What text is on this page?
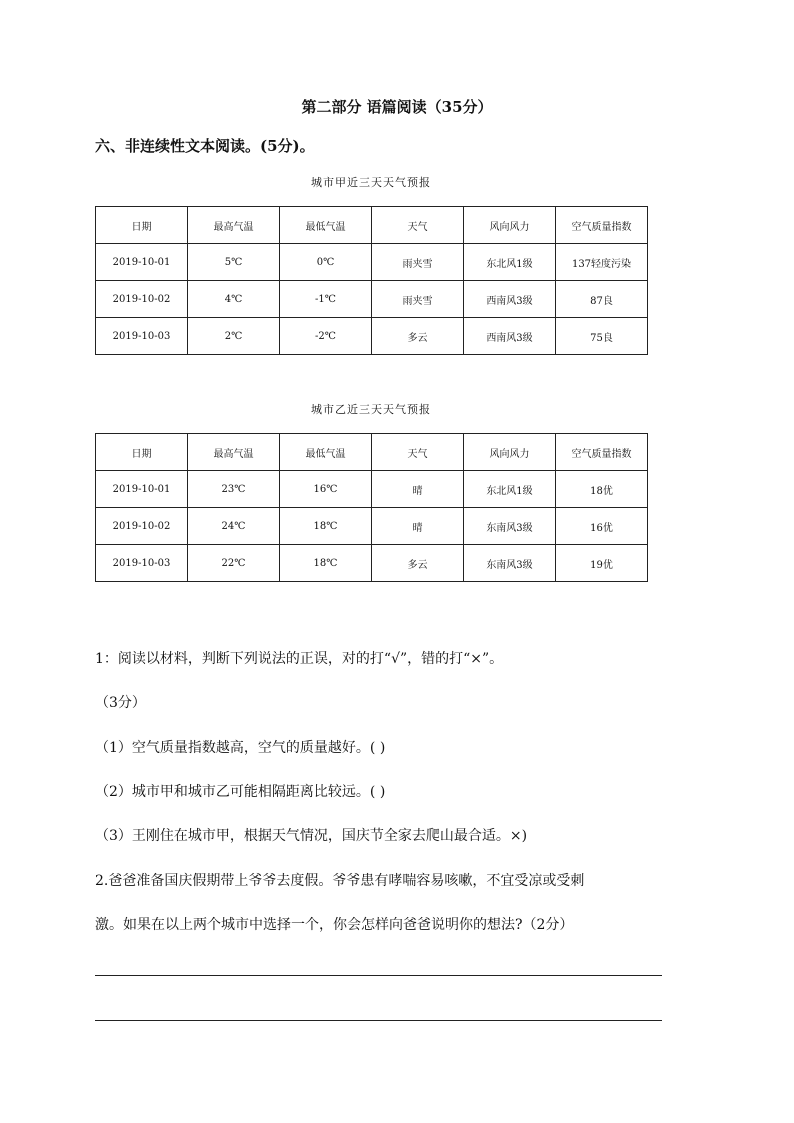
第二部分 语篇阅读（35分）
六、非连续性文本阅读。(5分)。
城市甲近三天天气预报
日期	最高气温	最低气温	天气	风向风力	空气质量指数
2019-10-01	5℃	0℃	雨夹雪	东北风1级	137轻度污染
2019-10-02	4℃	-1℃	雨夹雪	西南风3级	87良
2019-10-03	2℃	-2℃	多云	西南风3级	75良
城市乙近三天天气预报
日期	最高气温	最低气温	天气	风向风力	空气质量指数
2019-10-01	23℃	16℃	晴	东北风1级	18优
2019-10-02	24℃	18℃	晴	东南风3级	16优
2019-10-03	22℃	18℃	多云	东南风3级	19优
1：阅读以材料，判断下列说法的正误，对的打“√”，错的打“×”。
（3分）
（1）空气质量指数越高，空气的质量越好。( )
（2）城市甲和城市乙可能相隔距离比较远。( )
（3）王刚住在城市甲，根据天气情况，国庆节全家去爬山最合适。×)
2.爸爸准备国庆假期带上爷爷去度假。爷爷患有哮喘容易咳嗽，不宜受凉或受刺
激。如果在以上两个城市中选择一个，你会怎样向爸爸说明你的想法?（2分）
